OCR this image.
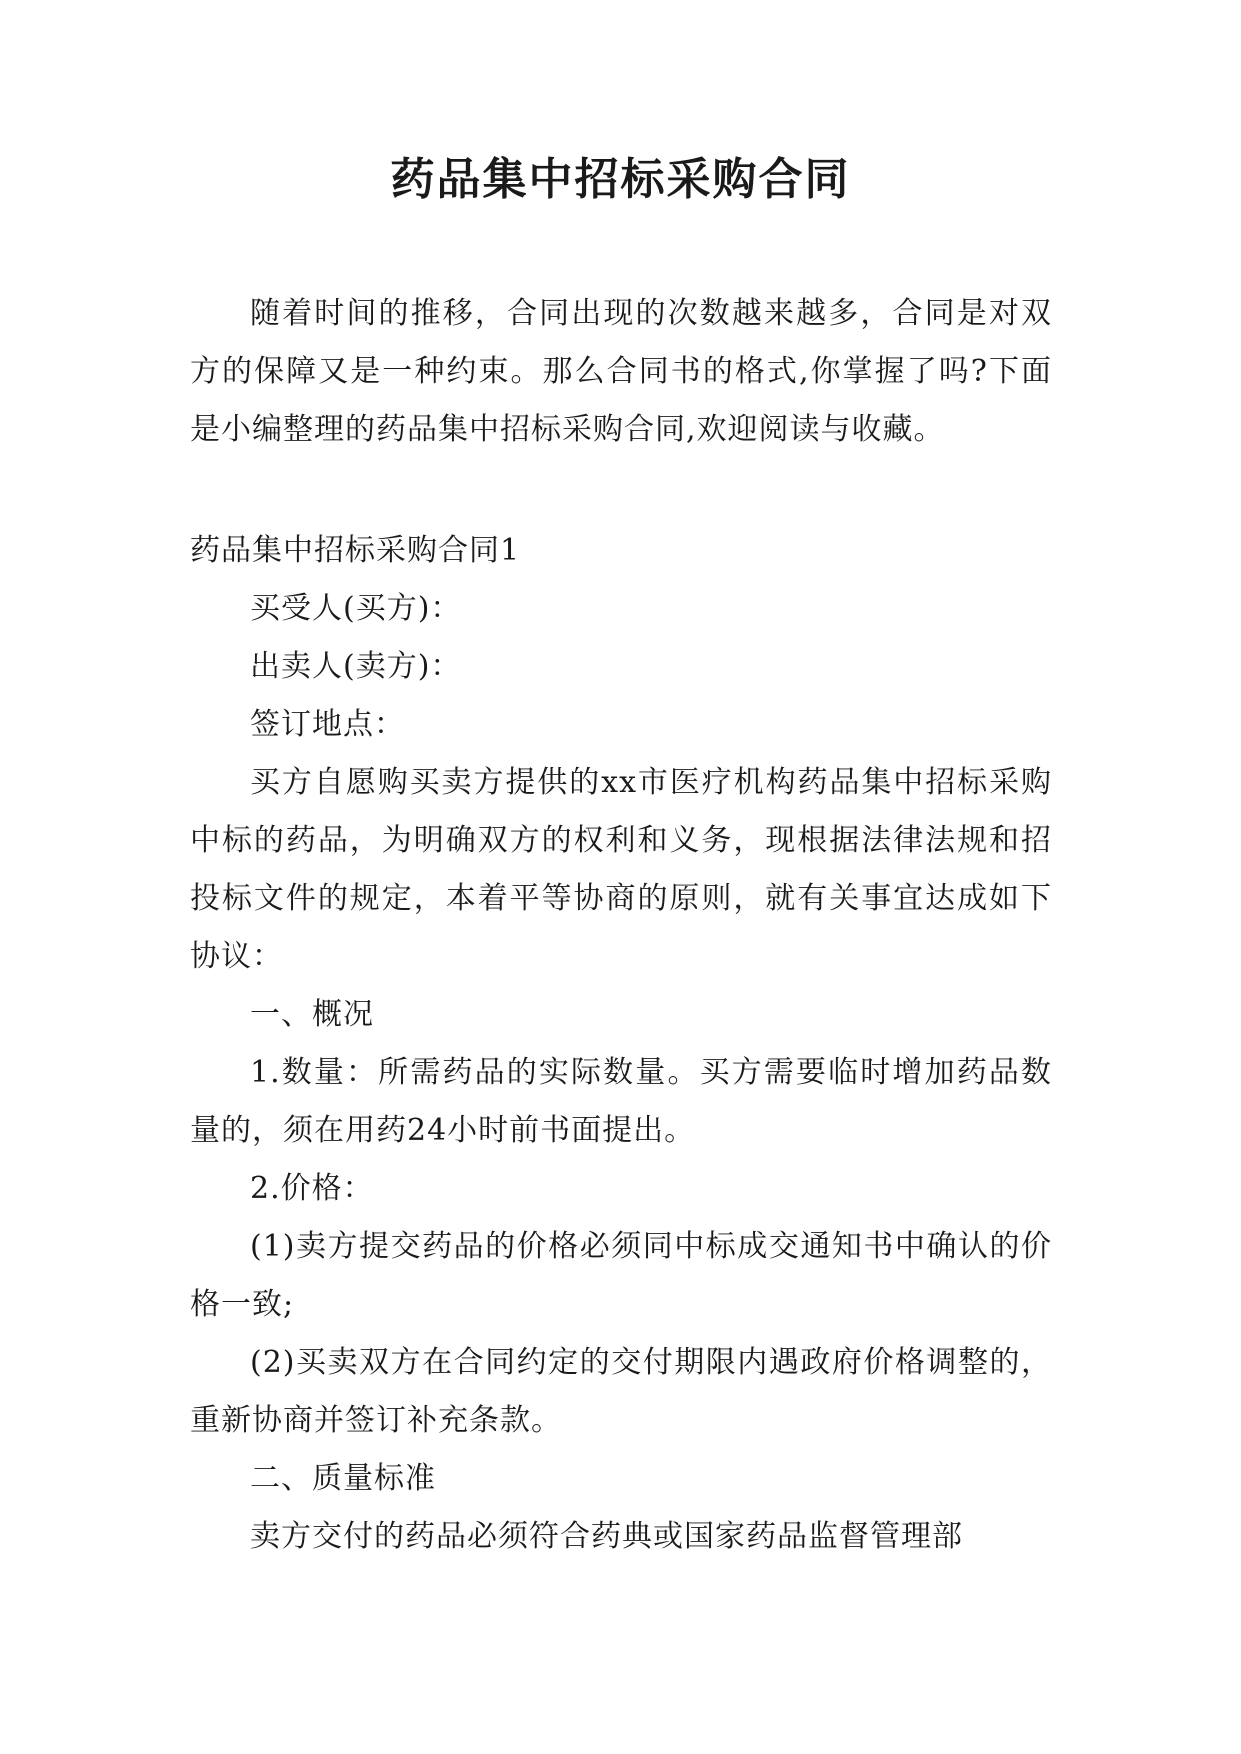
药品集中招标采购合同

随着时间的推移，合同出现的次数越来越多，合同是对双方的保障又是一种约束。那么合同书的格式,你掌握了吗?下面是小编整理的药品集中招标采购合同,欢迎阅读与收藏。

药品集中招标采购合同1

买受人(买方)：

出卖人(卖方)：

签订地点：

买方自愿购买卖方提供的xx市医疗机构药品集中招标采购中标的药品，为明确双方的权利和义务，现根据法律法规和招投标文件的规定，本着平等协商的原则，就有关事宜达成如下协议：

一、概况

1.数量：所需药品的实际数量。买方需要临时增加药品数量的，须在用药24小时前书面提出。

2.价格：

(1)卖方提交药品的价格必须同中标成交通知书中确认的价格一致;

(2)买卖双方在合同约定的交付期限内遇政府价格调整的，重新协商并签订补充条款。

二、质量标准

卖方交付的药品必须符合药典或国家药品监督管理部
